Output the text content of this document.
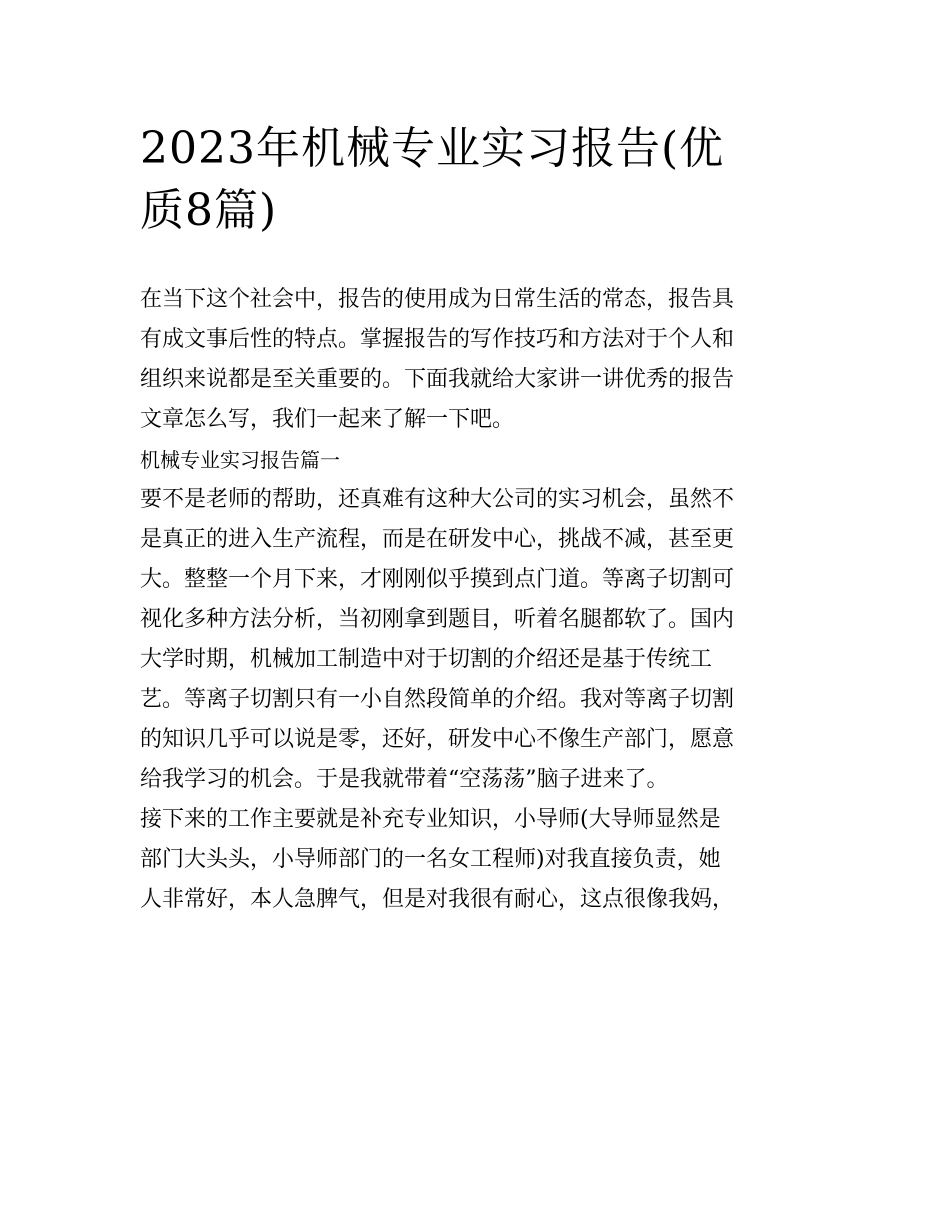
2023年机械专业实习报告(优
质8篇)

在当下这个社会中，报告的使用成为日常生活的常态，报告具
有成文事后性的特点。掌握报告的写作技巧和方法对于个人和
组织来说都是至关重要的。下面我就给大家讲一讲优秀的报告
文章怎么写，我们一起来了解一下吧。

机械专业实习报告篇一

要不是老师的帮助，还真难有这种大公司的实习机会，虽然不
是真正的进入生产流程，而是在研发中心，挑战不减，甚至更
大。整整一个月下来，才刚刚似乎摸到点门道。等离子切割可
视化多种方法分析，当初刚拿到题目，听着名腿都软了。国内
大学时期，机械加工制造中对于切割的介绍还是基于传统工
艺。等离子切割只有一小自然段简单的介绍。我对等离子切割
的知识几乎可以说是零，还好，研发中心不像生产部门，愿意
给我学习的机会。于是我就带着“空荡荡”脑子进来了。

接下来的工作主要就是补充专业知识，小导师(大导师显然是
部门大头头，小导师部门的一名女工程师)对我直接负责，她
人非常好，本人急脾气，但是对我很有耐心，这点很像我妈，
